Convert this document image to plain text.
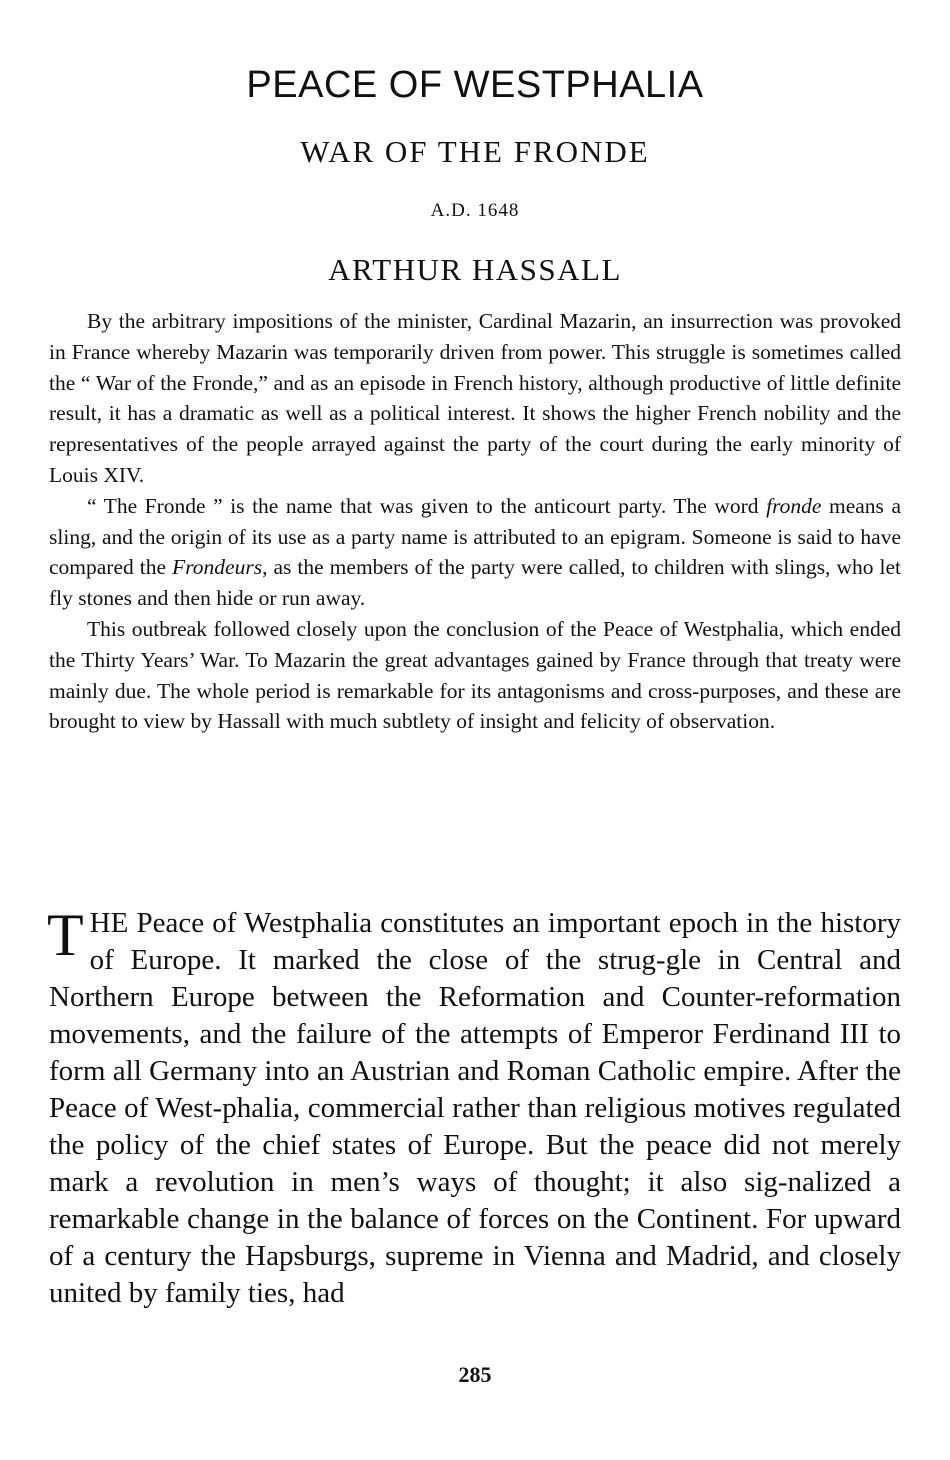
PEACE OF WESTPHALIA
WAR OF THE FRONDE
A.D. 1648
ARTHUR HASSALL

By the arbitrary impositions of the minister, Cardinal Mazarin, an insurrection was provoked in France whereby Mazarin was temporarily driven from power. This struggle is sometimes called the “ War of the Fronde,” and as an episode in French history, although productive of little definite result, it has a dramatic as well as a political interest. It shows the higher French nobility and the representatives of the people arrayed against the party of the court during the early minority of Louis XIV.

“ The Fronde ” is the name that was given to the anticourt party. The word fronde means a sling, and the origin of its use as a party name is attributed to an epigram. Someone is said to have compared the Frondeurs, as the members of the party were called, to children with slings, who let fly stones and then hide or run away.

This outbreak followed closely upon the conclusion of the Peace of Westphalia, which ended the Thirty Years’ War. To Mazarin the great advantages gained by France through that treaty were mainly due. The whole period is remarkable for its antagonisms and cross-purposes, and these are brought to view by Hassall with much subtlety of insight and felicity of observation.

THE Peace of Westphalia constitutes an important epoch in the history of Europe. It marked the close of the strug-gle in Central and Northern Europe between the Reformation and Counter-reformation movements, and the failure of the attempts of Emperor Ferdinand III to form all Germany into an Austrian and Roman Catholic empire. After the Peace of West-phalia, commercial rather than religious motives regulated the policy of the chief states of Europe. But the peace did not merely mark a revolution in men’s ways of thought; it also sig-nalized a remarkable change in the balance of forces on the Continent. For upward of a century the Hapsburgs, supreme in Vienna and Madrid, and closely united by family ties, had

285
